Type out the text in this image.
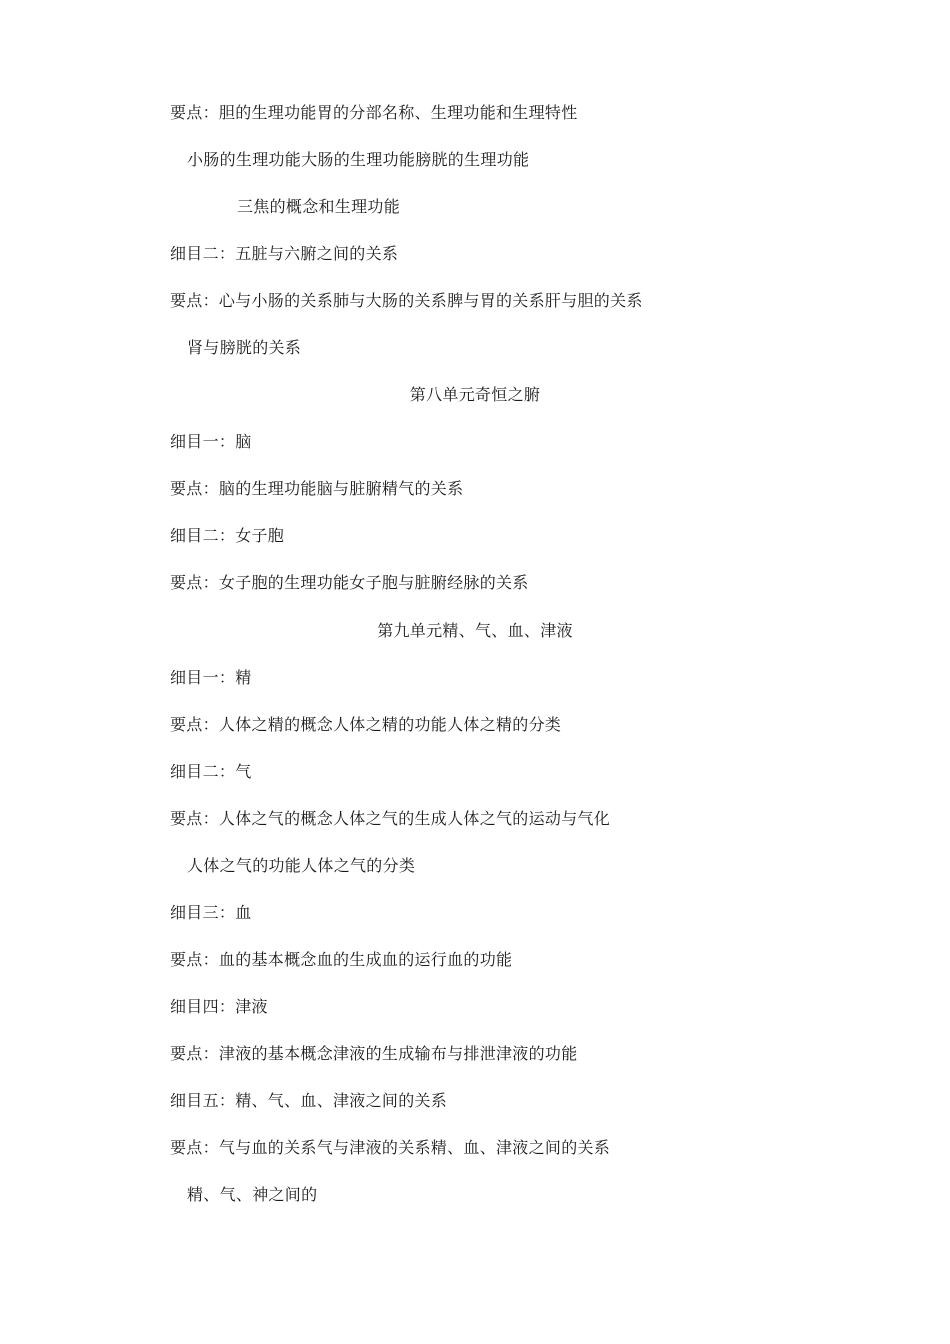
要点：胆的生理功能胃的分部名称、生理功能和生理特性
小肠的生理功能大肠的生理功能膀胱的生理功能
三焦的概念和生理功能
细目二：五脏与六腑之间的关系
要点：心与小肠的关系肺与大肠的关系脾与胃的关系肝与胆的关系
肾与膀胱的关系
第八单元奇恒之腑
细目一：脑
要点：脑的生理功能脑与脏腑精气的关系
细目二：女子胞
要点：女子胞的生理功能女子胞与脏腑经脉的关系
第九单元精、气、血、津液
细目一：精
要点：人体之精的概念人体之精的功能人体之精的分类
细目二：气
要点：人体之气的概念人体之气的生成人体之气的运动与气化
人体之气的功能人体之气的分类
细目三：血
要点：血的基本概念血的生成血的运行血的功能
细目四：津液
要点：津液的基本概念津液的生成输布与排泄津液的功能
细目五：精、气、血、津液之间的关系
要点：气与血的关系气与津液的关系精、血、津液之间的关系
精、气、神之间的
